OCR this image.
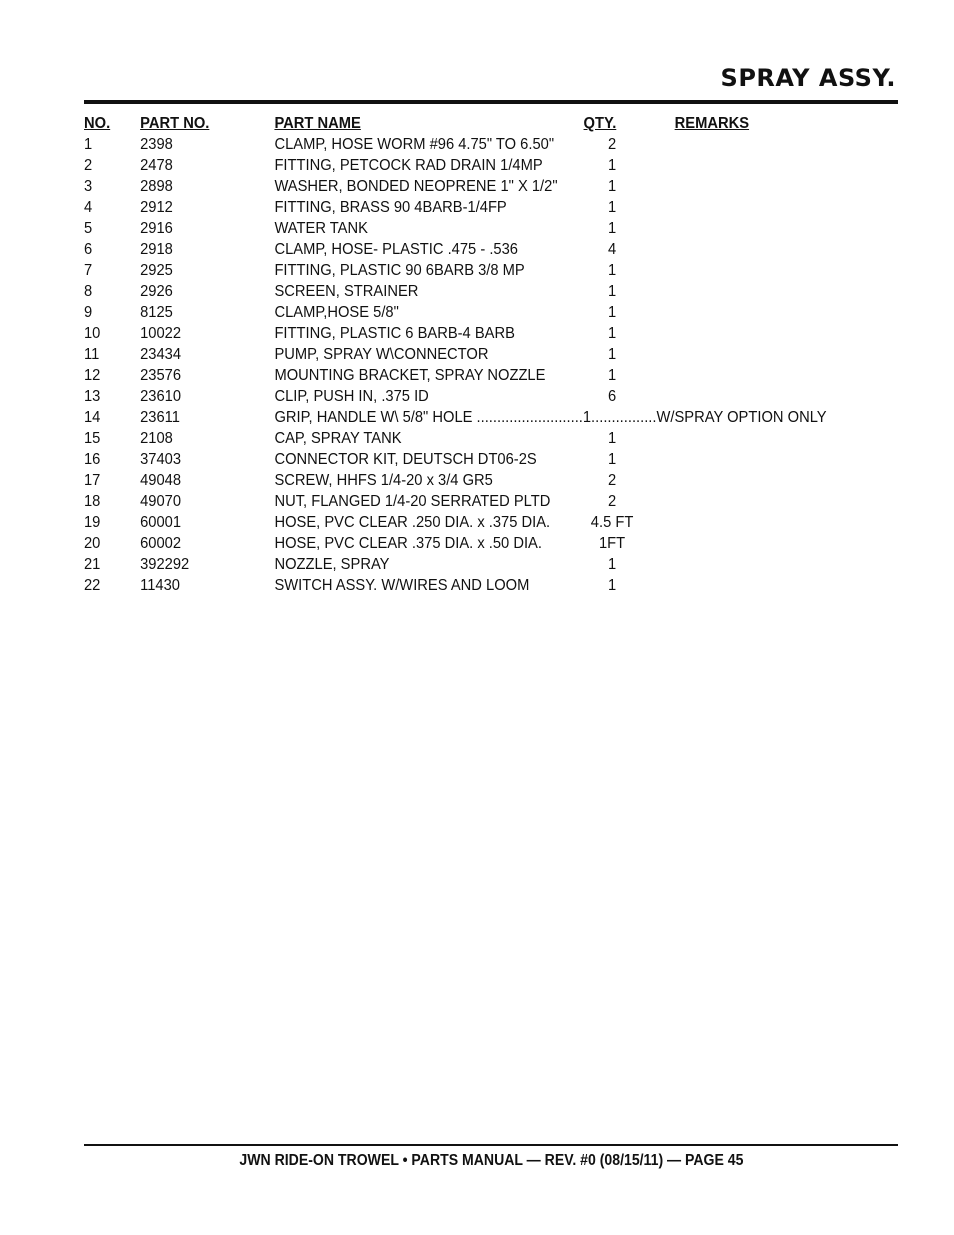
SPRAY ASSY.
NO. PART NO.	PART NAME	QTY.	REMARKS
1	2398	CLAMP, HOSE WORM #96 4.75" TO 6.50"	2
2	2478	FITTING, PETCOCK RAD DRAIN 1/4MP	1
3	2898	WASHER, BONDED NEOPRENE 1" X 1/2"	1
4	2912	FITTING, BRASS 90 4BARB-1/4FP	1
5	2916	WATER TANK	1
6	2918	CLAMP, HOSE- PLASTIC .475 - .536	4
7	2925	FITTING, PLASTIC 90 6BARB 3/8 MP	1
8	2926	SCREEN, STRAINER	1
9	8125	CLAMP,HOSE 5/8"	1
10 10022	FITTING, PLASTIC 6 BARB-4 BARB	1
11	23434	PUMP, SPRAY W\CONNECTOR	1
12 23576	MOUNTING BRACKET, SPRAY NOZZLE	1
13 23610	CLIP, PUSH IN, .375 ID	6
14 23611	GRIP, HANDLE W\ 5/8" HOLE ..........................1................W/SPRAY OPTION ONLY
15 2108	CAP, SPRAY TANK	1
16 37403	CONNECTOR KIT, DEUTSCH DT06-2S	1
17 49048	SCREW, HHFS 1/4-20 x 3/4 GR5	2
18 49070	NUT, FLANGED 1/4-20 SERRATED PLTD	2
19 60001	HOSE, PVC CLEAR .250 DIA. x .375 DIA.	4.5 FT
20 60002	HOSE, PVC CLEAR .375 DIA. x .50 DIA.	1FT
21 392292	NOZZLE, SPRAY	1
22 11430	SWITCH ASSY. W/WIRES AND LOOM	1
JWN RIDE-ON TROWEL • PARTS MANUAL — REV. #0 (08/15/11) — PAGE 45
